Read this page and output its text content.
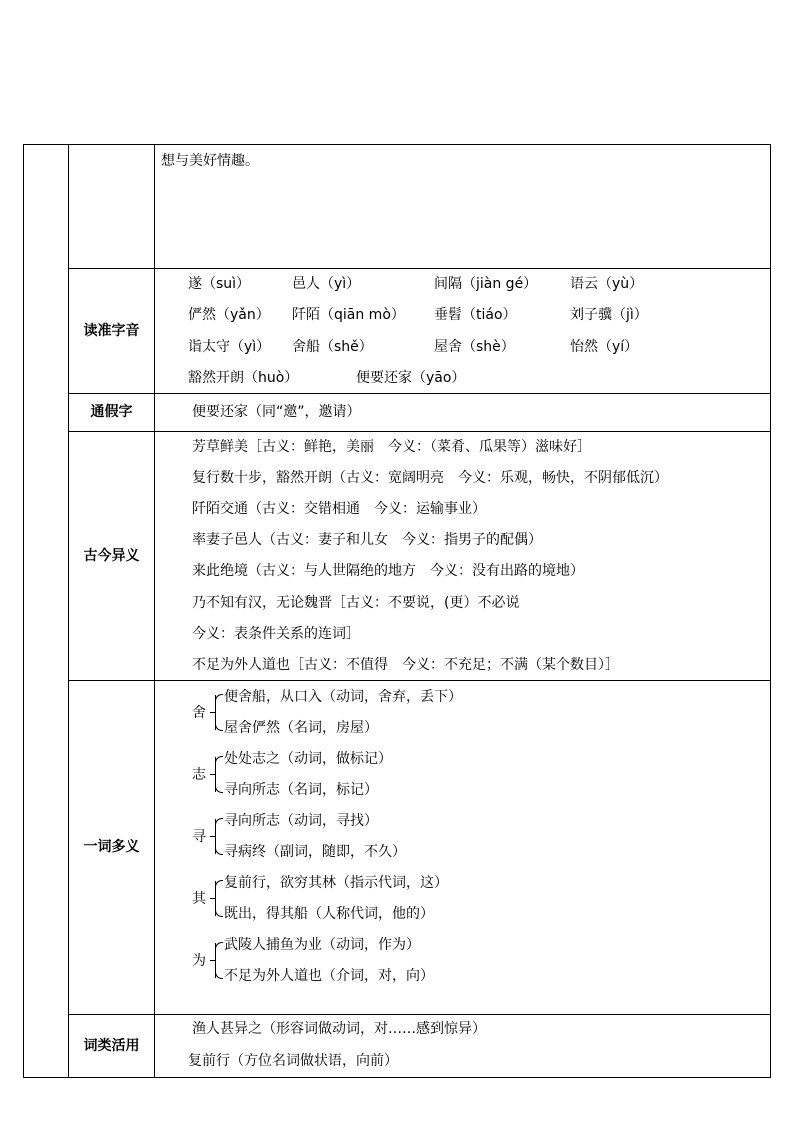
想与美好情趣。
读准字音
遂（suì）	邑人（yì）	间隔（jiàn gé） 语云（yù）
俨然（yǎn） 阡陌（qiān mò） 垂髫（tiáo）	刘子骥（jì）
诣太守（yì） 舍船（shě）	屋舍（shè）	怡然（yí）
豁然开朗（huò）	便要还家（yāo）
通假字	便要还家（同“邀”，邀请）
古今异义
芳草鲜美［古义：鲜艳，美丽　今义：（菜肴、瓜果等）滋味好］
复行数十步，豁然开朗（古义：宽阔明亮　今义：乐观，畅快，不阴郁低沉）
阡陌交通（古义：交错相通　今义：运输事业）
率妻子邑人（古义：妻子和儿女　今义：指男子的配偶）
来此绝境（古义：与人世隔绝的地方　今义：没有出路的境地）
乃不知有汉，无论魏晋［古义：不要说，(更）不必说
今义：表条件关系的连词］
不足为外人道也［古义：不值得　今义：不充足；不满（某个数目）］
一词多义
舍
便舍船，从口入（动词，舍弃，丢下）
屋舍俨然（名词，房屋）
志
处处志之（动词，做标记）
寻向所志（名词，标记）
寻
寻向所志（动词，寻找）
寻病终（副词，随即，不久）
其
复前行，欲穷其林（指示代词，这）
既出，得其船（人称代词，他的）
为
武陵人捕鱼为业（动词，作为）
不足为外人道也（介词，对，向）
词类活用
渔人甚异之（形容词做动词，对……感到惊异）
复前行（方位名词做状语，向前）
